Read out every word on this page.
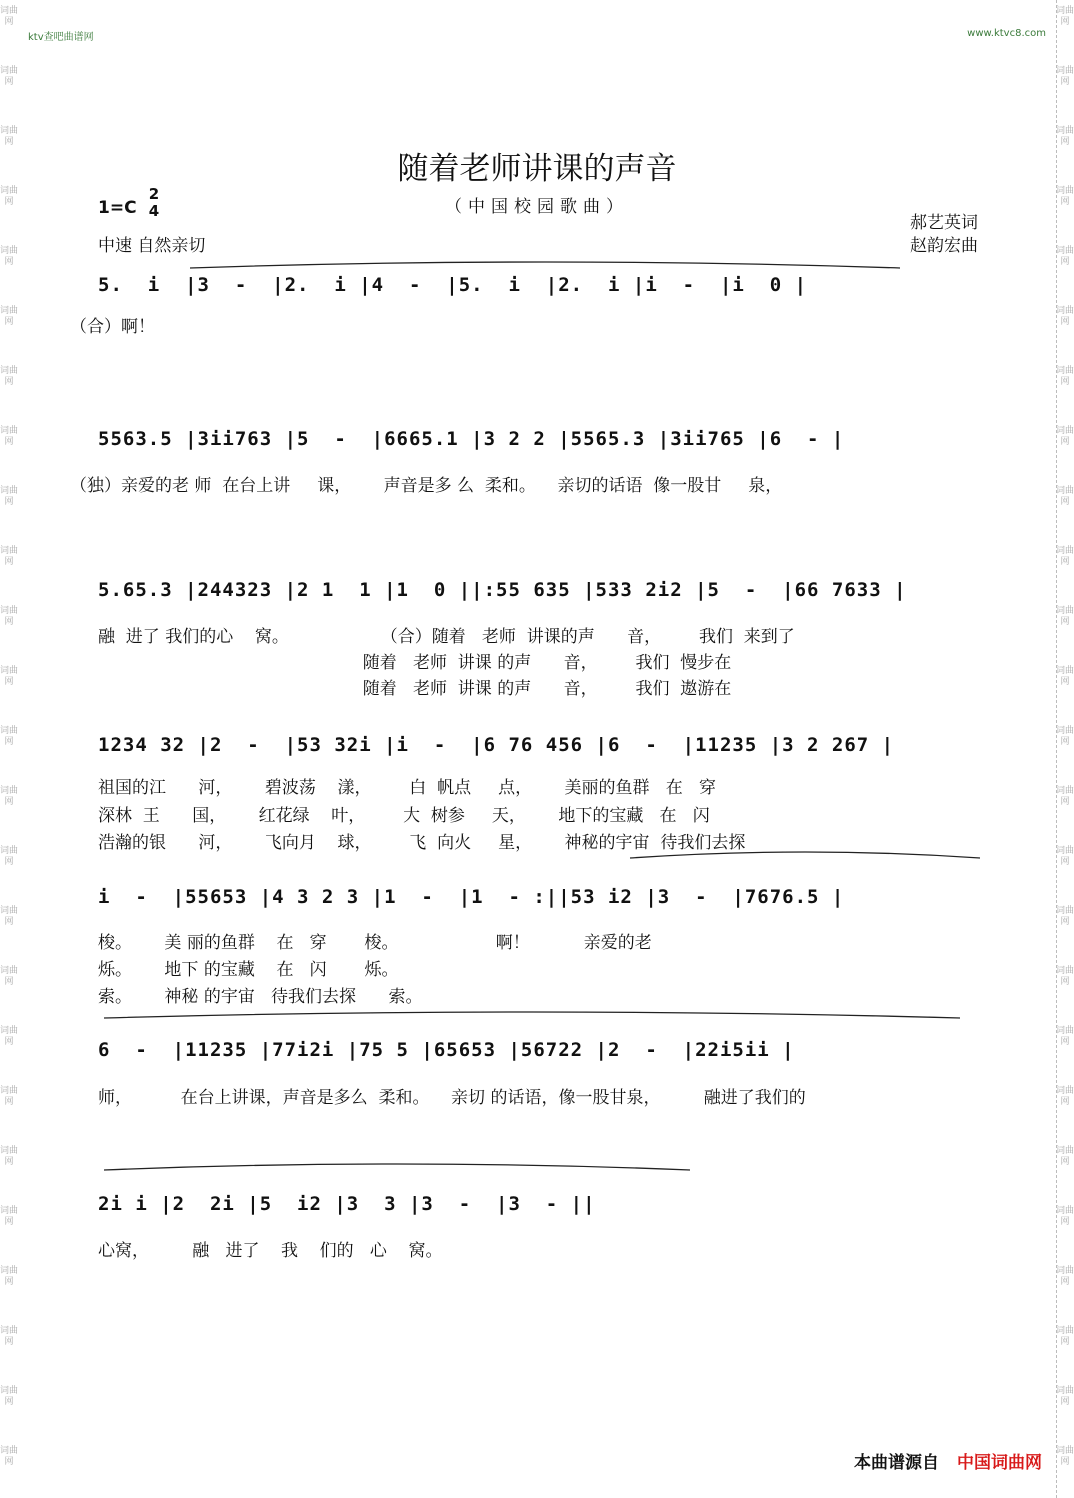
词曲网
词曲网
词曲网
词曲网
词曲网
词曲网
词曲网
词曲网
词曲网
词曲网
词曲网
词曲网
词曲网
词曲网
词曲网
词曲网
词曲网
词曲网
词曲网
词曲网
词曲网
词曲网
词曲网
词曲网
词曲网
词曲网
词曲网
词曲网
词曲网
词曲网
词曲网
词曲网
词曲网
词曲网
词曲网
词曲网
词曲网
词曲网
词曲网
词曲网
词曲网
词曲网
词曲网
词曲网
词曲网
词曲网
词曲网
词曲网
词曲网
词曲网
ktv查吧曲谱网	www.ktvc8.com
随着老师讲课的声音
（中国校园歌曲）
1=C
2
4
中速 自然亲切
郝艺英词
赵韵宏曲
5.  i  |3  -  |2.  i |4  -  |5.  i  |2.  i |i  -  |i  0 |
（合）啊！
5563.5 |3ii763 |5  -  |6665.1 |3 2 2 |5565.3 |3ii765 |6  - |
（独）亲爱的老 师  在台上讲     课，      声音是多 么  柔和。    亲切的话语  像一股甘     泉，
5.65.3 |244323 |2 1  1 |1  0 ||:55 635 |533 2i2 |5  -  |66 7633 |
融  进了 我们的心    窝。                 （合）随着   老师  讲课的声      音，       我们  来到了
随着   老师  讲课 的声      音，       我们  慢步在
随着   老师  讲课 的声      音，       我们  遨游在
1234 32 |2  -  |53 32i |i  -  |6 76 456 |6  -  |11235 |3 2 267 |
祖国的江      河，      碧波荡    漾，       白  帆点     点，      美丽的鱼群   在   穿
深林  王      国，      红花绿    叶，       大  树参     天，      地下的宝藏   在   闪
浩瀚的银      河，      飞向月    球，       飞  向火     星，      神秘的宇宙  待我们去探
i  -  |55653 |4 3 2 3 |1  -  |1  - :||53 i2 |3  -  |7676.5 |
梭。      美 丽的鱼群    在   穿       梭。                  啊！          亲爱的老
烁。      地下 的宝藏    在   闪       烁。
索。      神秘 的宇宙   待我们去探      索。
6  -  |11235 |77i2i |75 5 |65653 |56722 |2  -  |22i5ii |
师，         在台上讲课，声音是多么  柔和。    亲切 的话语，像一股甘泉，        融进了我们的
2i i |2  2i |5  i2 |3  3 |3  -  |3  - ||
心窝，        融   进了    我    们的   心    窝。
本曲谱源自 中国词曲网
